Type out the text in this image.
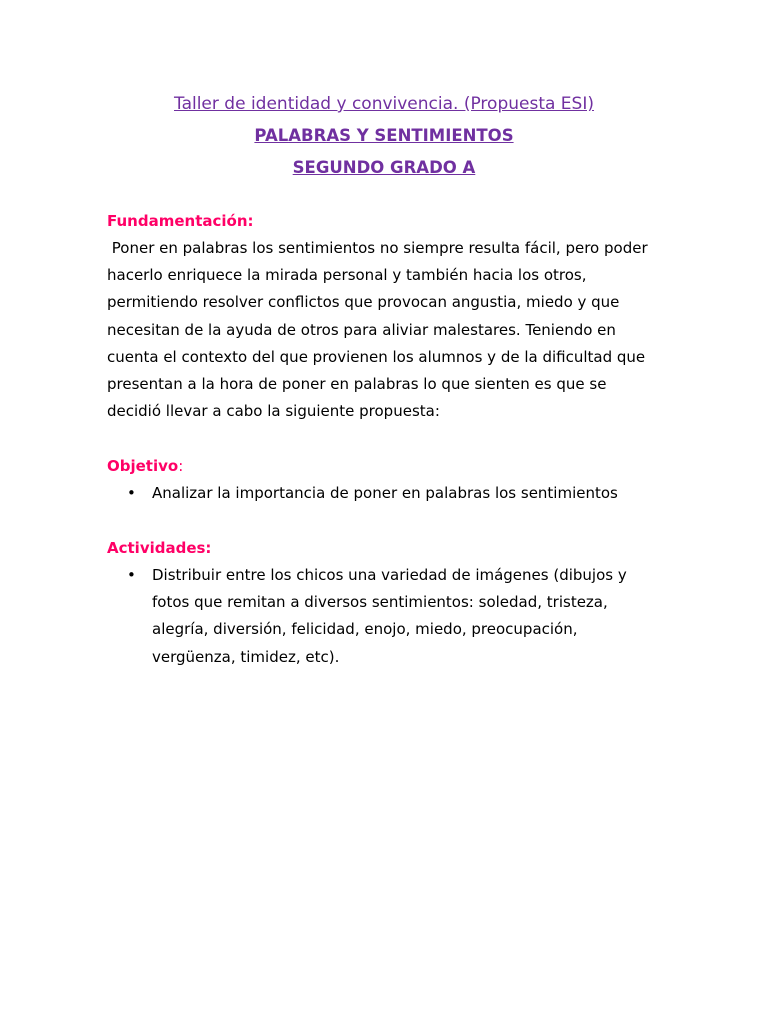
Taller de identidad y convivencia. (Propuesta ESI)
PALABRAS Y SENTIMIENTOS
SEGUNDO GRADO A
Fundamentación:
Poner en palabras los sentimientos no siempre resulta fácil, pero poder
hacerlo enriquece la mirada personal y también hacia los otros,
permitiendo resolver conflictos que provocan angustia, miedo y que
necesitan de la ayuda de otros para aliviar malestares. Teniendo en
cuenta el contexto del que provienen los alumnos y de la dificultad que
presentan a la hora de poner en palabras lo que sienten es que se
decidió llevar a cabo la siguiente propuesta:
Objetivo:
• Analizar la importancia de poner en palabras los sentimientos
Actividades:
• Distribuir entre los chicos una variedad de imágenes (dibujos y
fotos que remitan a diversos sentimientos: soledad, tristeza,
alegría, diversión, felicidad, enojo, miedo, preocupación,
vergüenza, timidez, etc).
